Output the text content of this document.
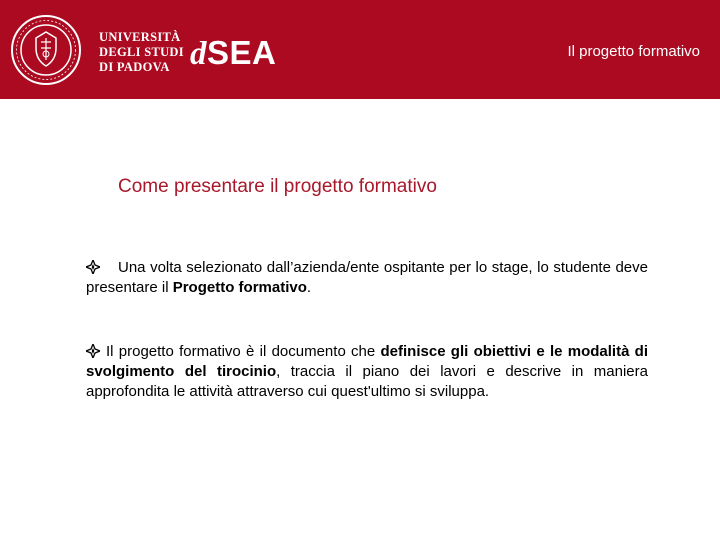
UNIVERSITÀ
DEGLI STUDI
DI PADOVA dSEA	Il progetto formativo
Come presentare il progetto formativo

Una volta selezionato dall’azienda/ente ospitante per lo stage, lo studente deve presentare il Progetto formativo.

Il progetto formativo è il documento che definisce gli obiettivi e le modalità di svolgimento del tirocinio, traccia il piano dei lavori e descrive in maniera approfondita le attività attraverso cui quest'ultimo si sviluppa.
